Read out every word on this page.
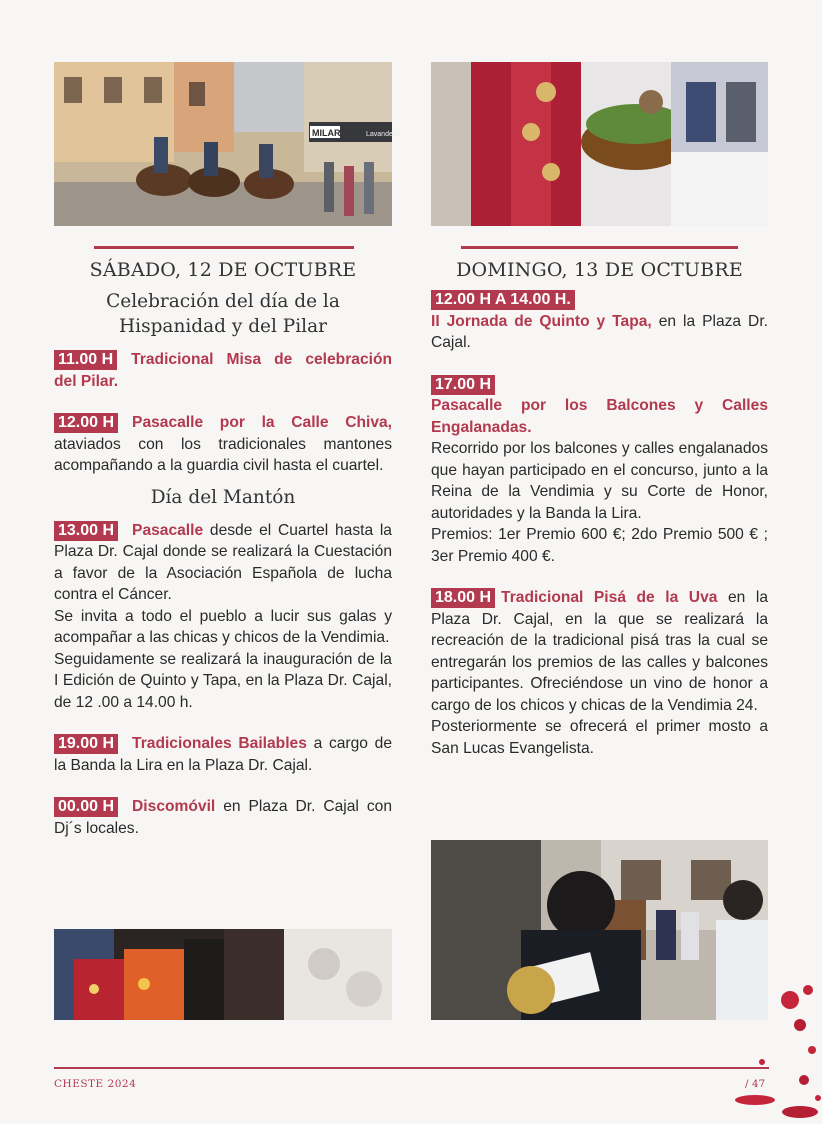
MILAR	Lavanderia
SÁBADO, 12 DE OCTUBRE
Celebración del día de la Hispanidad y del Pilar
11.00 H Tradicional Misa de celebración del Pilar.
12.00 H Pasacalle por la Calle Chiva, ataviados con los tradicionales mantones acompañando a la guardia civil hasta el cuartel.
Día del Mantón
13.00 H Pasacalle desde el Cuartel hasta la Plaza Dr. Cajal donde se realizará la Cuestación a favor de la Asociación Española de lucha contra el Cáncer.
Se invita a todo el pueblo a lucir sus galas y acompañar a las chicas y chicos de la Vendimia.
Seguidamente se realizará la inauguración de la I Edición de Quinto y Tapa, en la Plaza Dr. Cajal, de 12 .00 a 14.00 h.
19.00 H Tradicionales Bailables a cargo de la Banda la Lira en la Plaza Dr. Cajal.
00.00 H Discomóvil en Plaza Dr. Cajal con Dj´s locales.
DOMINGO, 13 DE OCTUBRE
12.00 H A 14.00 H.
II Jornada de Quinto y Tapa, en la Plaza Dr. Cajal.
17.00 H
Pasacalle por los Balcones y Calles Engalanadas.
Recorrido por los balcones y calles engalanados que hayan participado en el concurso, junto a la Reina de la Vendimia y su Corte de Honor, autoridades y la Banda la Lira.
Premios: 1er Premio 600 €; 2do Premio 500 € ; 3er Premio 400 €.
18.00 H Tradicional Pisá de la Uva en la Plaza Dr. Cajal, en la que se realizará la recreación de la tradicional pisá tras la cual se entregarán los premios de las calles y balcones participantes. Ofreciéndose un vino de honor a cargo de los chicos y chicas de la Vendimia 24.
Posteriormente se ofrecerá el primer mosto a San Lucas Evangelista.
CHESTE 2024	/ 47
